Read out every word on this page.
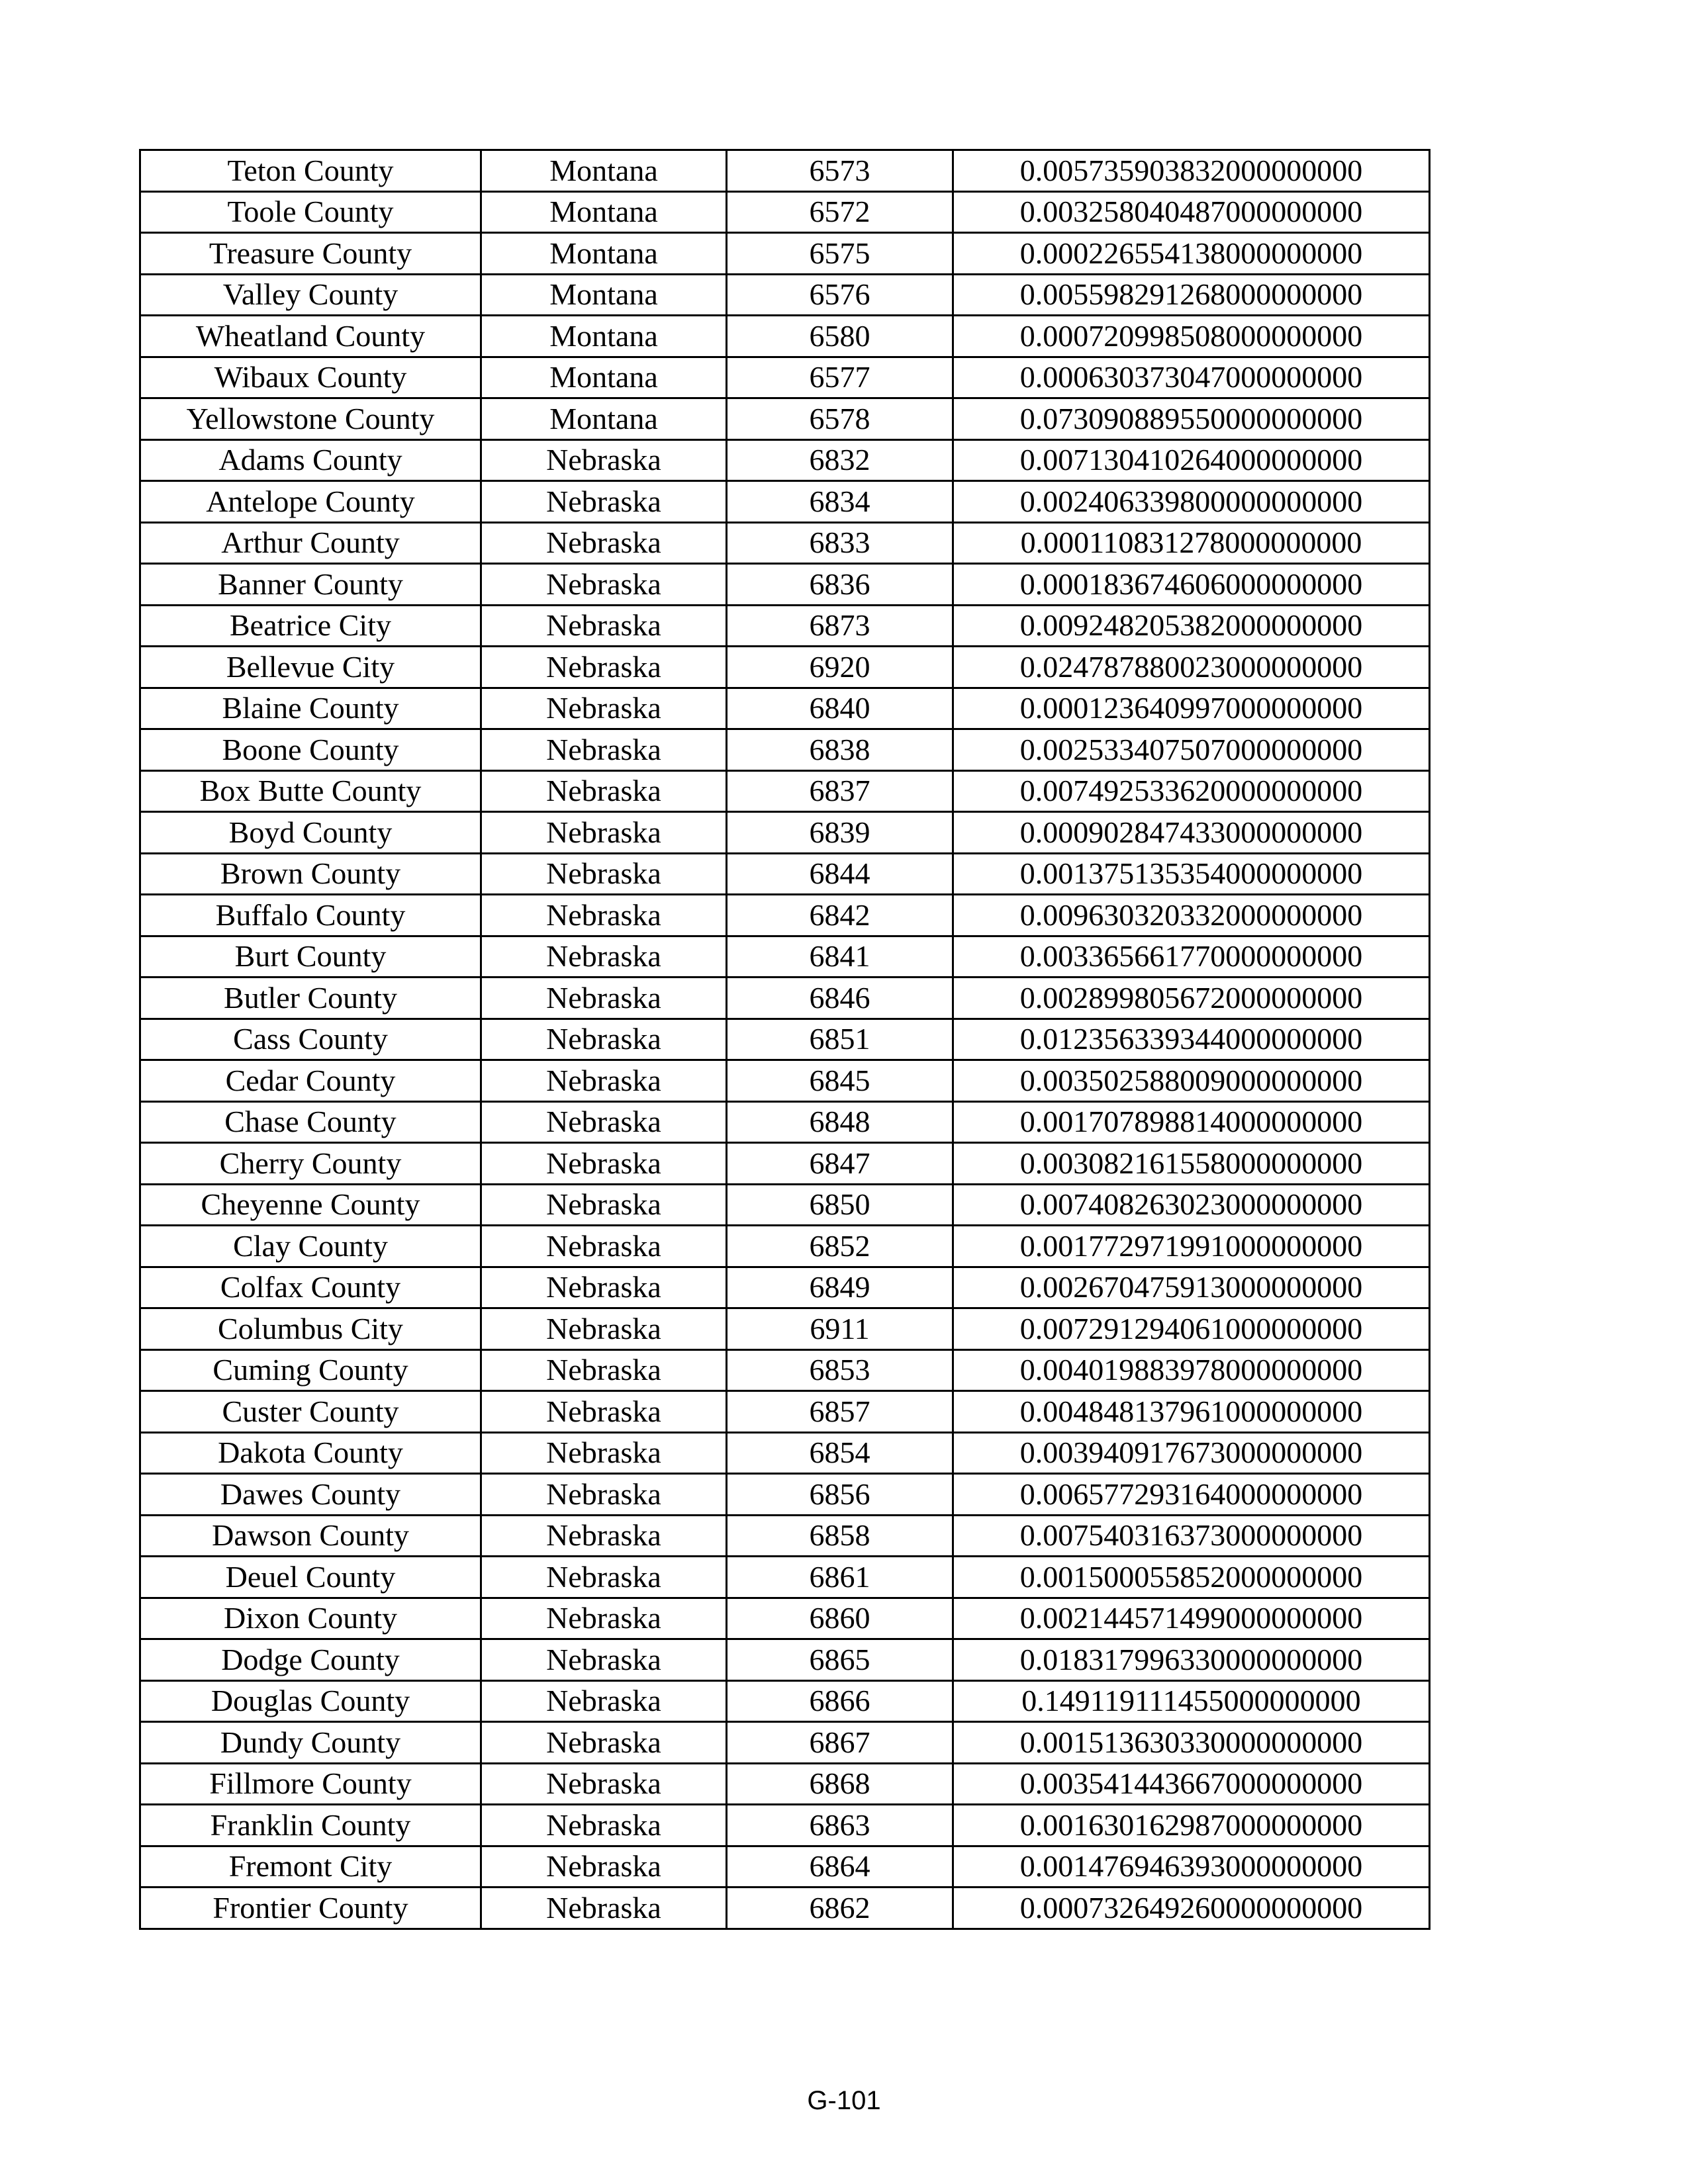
Teton County	Montana	6573	0.005735903832000000000
Toole County	Montana	6572	0.003258040487000000000
Treasure County	Montana	6575	0.000226554138000000000
Valley County	Montana	6576	0.005598291268000000000
Wheatland County	Montana	6580	0.000720998508000000000
Wibaux County	Montana	6577	0.000630373047000000000
Yellowstone County	Montana	6578	0.073090889550000000000
Adams County	Nebraska	6832	0.007130410264000000000
Antelope County	Nebraska	6834	0.002406339800000000000
Arthur County	Nebraska	6833	0.000110831278000000000
Banner County	Nebraska	6836	0.000183674606000000000
Beatrice City	Nebraska	6873	0.009248205382000000000
Bellevue City	Nebraska	6920	0.024787880023000000000
Blaine County	Nebraska	6840	0.000123640997000000000
Boone County	Nebraska	6838	0.002533407507000000000
Box Butte County	Nebraska	6837	0.007492533620000000000
Boyd County	Nebraska	6839	0.000902847433000000000
Brown County	Nebraska	6844	0.001375135354000000000
Buffalo County	Nebraska	6842	0.009630320332000000000
Burt County	Nebraska	6841	0.003365661770000000000
Butler County	Nebraska	6846	0.002899805672000000000
Cass County	Nebraska	6851	0.012356339344000000000
Cedar County	Nebraska	6845	0.003502588009000000000
Chase County	Nebraska	6848	0.001707898814000000000
Cherry County	Nebraska	6847	0.003082161558000000000
Cheyenne County	Nebraska	6850	0.007408263023000000000
Clay County	Nebraska	6852	0.001772971991000000000
Colfax County	Nebraska	6849	0.002670475913000000000
Columbus City	Nebraska	6911	0.007291294061000000000
Cuming County	Nebraska	6853	0.004019883978000000000
Custer County	Nebraska	6857	0.004848137961000000000
Dakota County	Nebraska	6854	0.003940917673000000000
Dawes County	Nebraska	6856	0.006577293164000000000
Dawson County	Nebraska	6858	0.007540316373000000000
Deuel County	Nebraska	6861	0.001500055852000000000
Dixon County	Nebraska	6860	0.002144571499000000000
Dodge County	Nebraska	6865	0.018317996330000000000
Douglas County	Nebraska	6866	0.149119111455000000000
Dundy County	Nebraska	6867	0.001513630330000000000
Fillmore County	Nebraska	6868	0.003541443667000000000
Franklin County	Nebraska	6863	0.001630162987000000000
Fremont City	Nebraska	6864	0.001476946393000000000
Frontier County	Nebraska	6862	0.000732649260000000000
G-101
